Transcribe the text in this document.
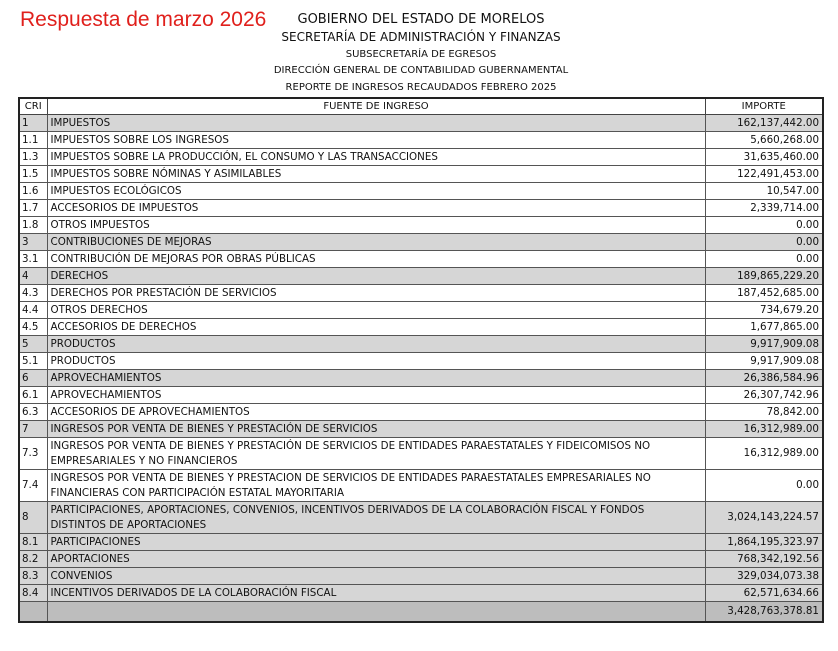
Respuesta de marzo 2026	GOBIERNO DEL ESTADO DE MORELOS
SECRETARÍA DE ADMINISTRACIÓN Y FINANZAS
SUBSECRETARÍA DE EGRESOS
DIRECCIÓN GENERAL DE CONTABILIDAD GUBERNAMENTAL
REPORTE DE INGRESOS RECAUDADOS FEBRERO 2025
CRI	FUENTE DE INGRESO	IMPORTE
1	IMPUESTOS	162,137,442.00
1.1	IMPUESTOS SOBRE LOS INGRESOS	5,660,268.00
1.3	IMPUESTOS SOBRE LA PRODUCCIÓN, EL CONSUMO Y LAS TRANSACCIONES	31,635,460.00
1.5	IMPUESTOS SOBRE NÓMINAS Y ASIMILABLES	122,491,453.00
1.6	IMPUESTOS ECOLÓGICOS	10,547.00
1.7	ACCESORIOS DE IMPUESTOS	2,339,714.00
1.8	OTROS IMPUESTOS	0.00
3	CONTRIBUCIONES DE MEJORAS	0.00
3.1	CONTRIBUCIÓN DE MEJORAS POR OBRAS PÚBLICAS	0.00
4	DERECHOS	189,865,229.20
4.3	DERECHOS POR PRESTACIÓN DE SERVICIOS	187,452,685.00
4.4	OTROS DERECHOS	734,679.20
4.5	ACCESORIOS DE DERECHOS	1,677,865.00
5	PRODUCTOS	9,917,909.08
5.1	PRODUCTOS	9,917,909.08
6	APROVECHAMIENTOS	26,386,584.96
6.1	APROVECHAMIENTOS	26,307,742.96
6.3	ACCESORIOS DE APROVECHAMIENTOS	78,842.00
7	INGRESOS POR VENTA DE BIENES Y PRESTACIÓN DE SERVICIOS	16,312,989.00
7.3	INGRESOS POR VENTA DE BIENES Y PRESTACIÓN DE SERVICIOS DE ENTIDADES PARAESTATALES Y FIDEICOMISOS NO EMPRESARIALES Y NO FINANCIEROS	16,312,989.00
7.4	INGRESOS POR VENTA DE BIENES Y PRESTACION DE SERVICIOS DE ENTIDADES PARAESTATALES EMPRESARIALES NO FINANCIERAS CON PARTICIPACIÓN ESTATAL MAYORITARIA	0.00
8	PARTICIPACIONES, APORTACIONES, CONVENIOS, INCENTIVOS DERIVADOS DE LA COLABORACIÓN FISCAL Y FONDOS DISTINTOS DE APORTACIONES	3,024,143,224.57
8.1	PARTICIPACIONES	1,864,195,323.97
8.2	APORTACIONES	768,342,192.56
8.3	CONVENIOS	329,034,073.38
8.4	INCENTIVOS DERIVADOS DE LA COLABORACIÓN FISCAL	62,571,634.66
		3,428,763,378.81
